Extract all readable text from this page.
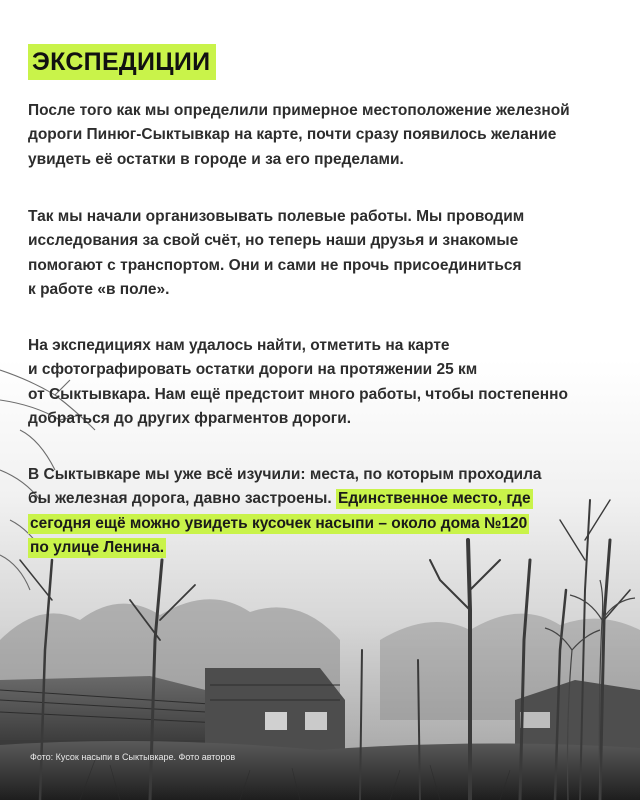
ЭКСПЕДИЦИИ
После того как мы определили примерное местоположение железной
дороги Пинюг-Сыктывкар на карте, почти сразу появилось желание
увидеть её остатки в городе и за его пределами.
Так мы начали организовывать полевые работы. Мы проводим
исследования за свой счёт, но теперь наши друзья и знакомые
помогают с транспортом. Они и сами не прочь присоединиться
к работе «в поле».
На экспедициях нам удалось найти, отметить на карте
и сфотографировать остатки дороги на протяжении 25 км
от Сыктывкара. Нам ещё предстоит много работы, чтобы постепенно
добраться до других фрагментов дороги.
В Сыктывкаре мы уже всё изучили: места, по которым проходила
бы железная дорога, давно застроены. Единственное место, где
сегодня ещё можно увидеть кусочек насыпи – около дома №120
по улице Ленина.
Фото: Кусок насыпи в Сыктывкаре. Фото авторов
